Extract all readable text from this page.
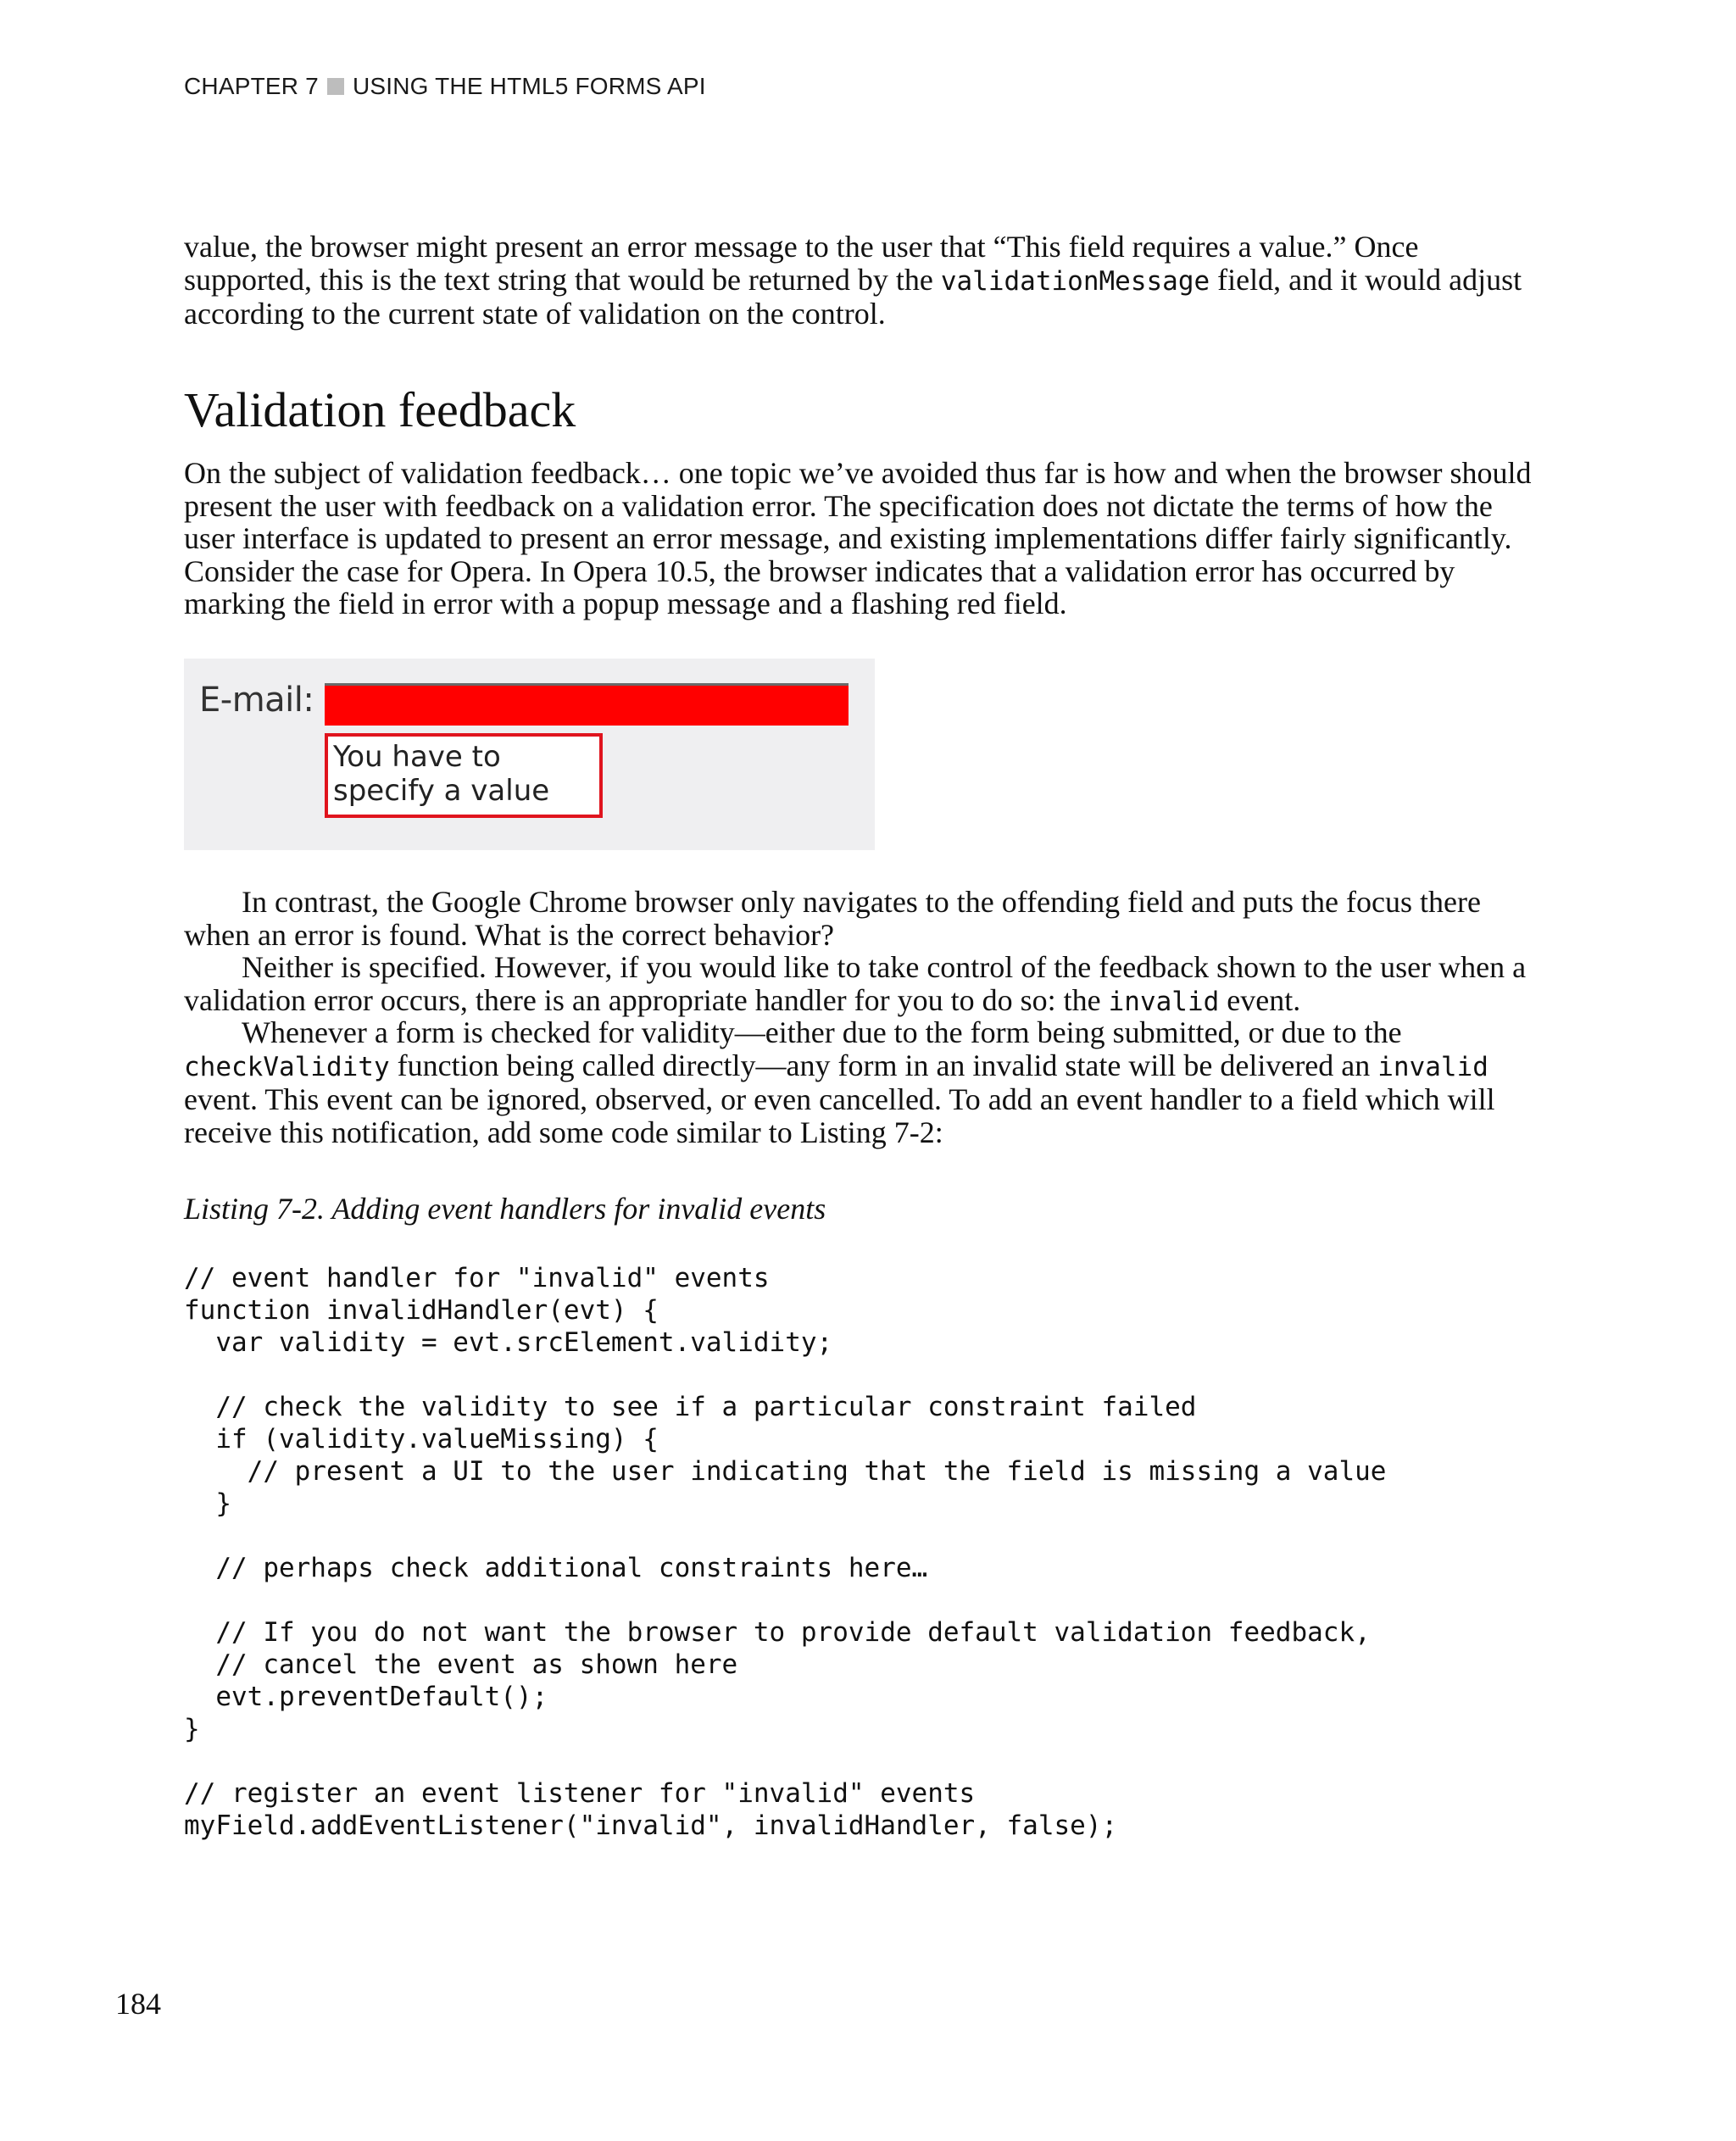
CHAPTER 7 USING THE HTML5 FORMS API

value, the browser might present an error message to the user that “This field requires a value.” Once supported, this is the text string that would be returned by the validationMessage field, and it would adjust according to the current state of validation on the control.

Validation feedback

On the subject of validation feedback… one topic we’ve avoided thus far is how and when the browser should present the user with feedback on a validation error. The specification does not dictate the terms of how the user interface is updated to present an error message, and existing implementations differ fairly significantly. Consider the case for Opera. In Opera 10.5, the browser indicates that a validation error has occurred by marking the field in error with a popup message and a flashing red field.

E-mail:
You have to
specify a value

In contrast, the Google Chrome browser only navigates to the offending field and puts the focus there when an error is found. What is the correct behavior?

Neither is specified. However, if you would like to take control of the feedback shown to the user when a validation error occurs, there is an appropriate handler for you to do so: the invalid event.

Whenever a form is checked for validity—either due to the form being submitted, or due to the checkValidity function being called directly—any form in an invalid state will be delivered an invalid event. This event can be ignored, observed, or even cancelled. To add an event handler to a field which will receive this notification, add some code similar to Listing 7-2:

Listing 7-2. Adding event handlers for invalid events

// event handler for "invalid" events
function invalidHandler(evt) {
var validity = evt.srcElement.validity;
// check the validity to see if a particular constraint failed
if (validity.valueMissing) {
// present a UI to the user indicating that the field is missing a value
}
// perhaps check additional constraints here…
// If you do not want the browser to provide default validation feedback,
// cancel the event as shown here
evt.preventDefault();
}
// register an event listener for "invalid" events
myField.addEventListener("invalid", invalidHandler, false);
184
